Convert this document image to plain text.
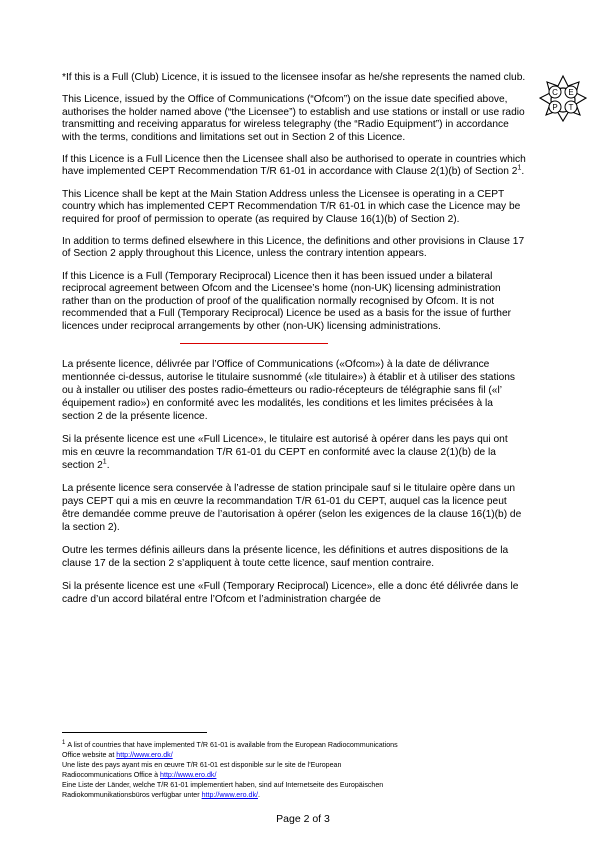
C E
P T

*If this is a Full (Club) Licence, it is issued to the licensee insofar as he/she represents the named club.

This Licence, issued by the Office of Communications (“Ofcom”) on the issue date specified above, authorises the holder named above (“the Licensee”) to establish and use stations or install or use radio transmitting and receiving apparatus for wireless telegraphy (the “Radio Equipment”) in accordance with the terms, conditions and limitations set out in Section 2 of this Licence.

If this Licence is a Full Licence then the Licensee shall also be authorised to operate in countries which have implemented CEPT Recommendation T/R 61-01 in accordance with Clause 2(1)(b) of Section $2^1$.

This Licence shall be kept at the Main Station Address unless the Licensee is operating in a CEPT country which has implemented CEPT Recommendation T/R 61-01 in which case the Licence may be required for proof of permission to operate (as required by Clause 16(1)(b) of Section 2).

In addition to terms defined elsewhere in this Licence, the definitions and other provisions in Clause 17 of Section 2 apply throughout this Licence, unless the contrary intention appears.

If this Licence is a Full (Temporary Reciprocal) Licence then it has been issued under a bilateral reciprocal agreement between Ofcom and the Licensee’s home (non-UK) licensing administration rather than on the production of proof of the qualification normally recognised by Ofcom. It is not recommended that a Full (Temporary Reciprocal) Licence be used as a basis for the issue of further licences under reciprocal arrangements by other (non-UK) licensing administrations.

La présente licence, délivrée par l’Office of Communications («Ofcom») à la date de délivrance mentionnée ci-dessus, autorise le titulaire susnommé («le titulaire») à établir et à utiliser des stations ou à installer ou utiliser des postes radio-émetteurs ou radio-récepteurs de télégraphie sans fil («l’ équipement radio») en conformité avec les modalités, les conditions et les limites précisées à la section 2 de la présente licence.

Si la présente licence est une «Full Licence», le titulaire est autorisé à opérer dans les pays qui ont mis en œuvre la recommandation T/R 61-01 du CEPT en conformité avec la clause 2(1)(b) de la section $2^1$.

La présente licence sera conservée à l’adresse de station principale sauf si le titulaire opère dans un pays CEPT qui a mis en œuvre la recommandation T/R 61-01 du CEPT, auquel cas la licence peut être demandée comme preuve de l’autorisation à opérer (selon les exigences de la clause 16(1)(b) de la section 2).

Outre les termes définis ailleurs dans la présente licence, les définitions et autres dispositions de la clause 17 de la section 2 s’appliquent à toute cette licence, sauf mention contraire.

Si la présente licence est une «Full (Temporary Reciprocal) Licence», elle a donc été délivrée dans le cadre d’un accord bilatéral entre l’Ofcom et l’administration chargée de

$^1$ A list of countries that have implemented T/R 61-01 is available from the European Radiocommunications
Office website at http://www.ero.dk/
Une liste des pays ayant mis en œuvre T/R 61-01 est disponible sur le site de l’European
Radiocommunications Office à http://www.ero.dk/
Eine Liste der Länder, welche T/R 61-01 implementiert haben, sind auf Internetseite des Europäischen
Radiokommunikationsbüros verfügbar unter http://www.ero.dk/.
Page 2 of 3
